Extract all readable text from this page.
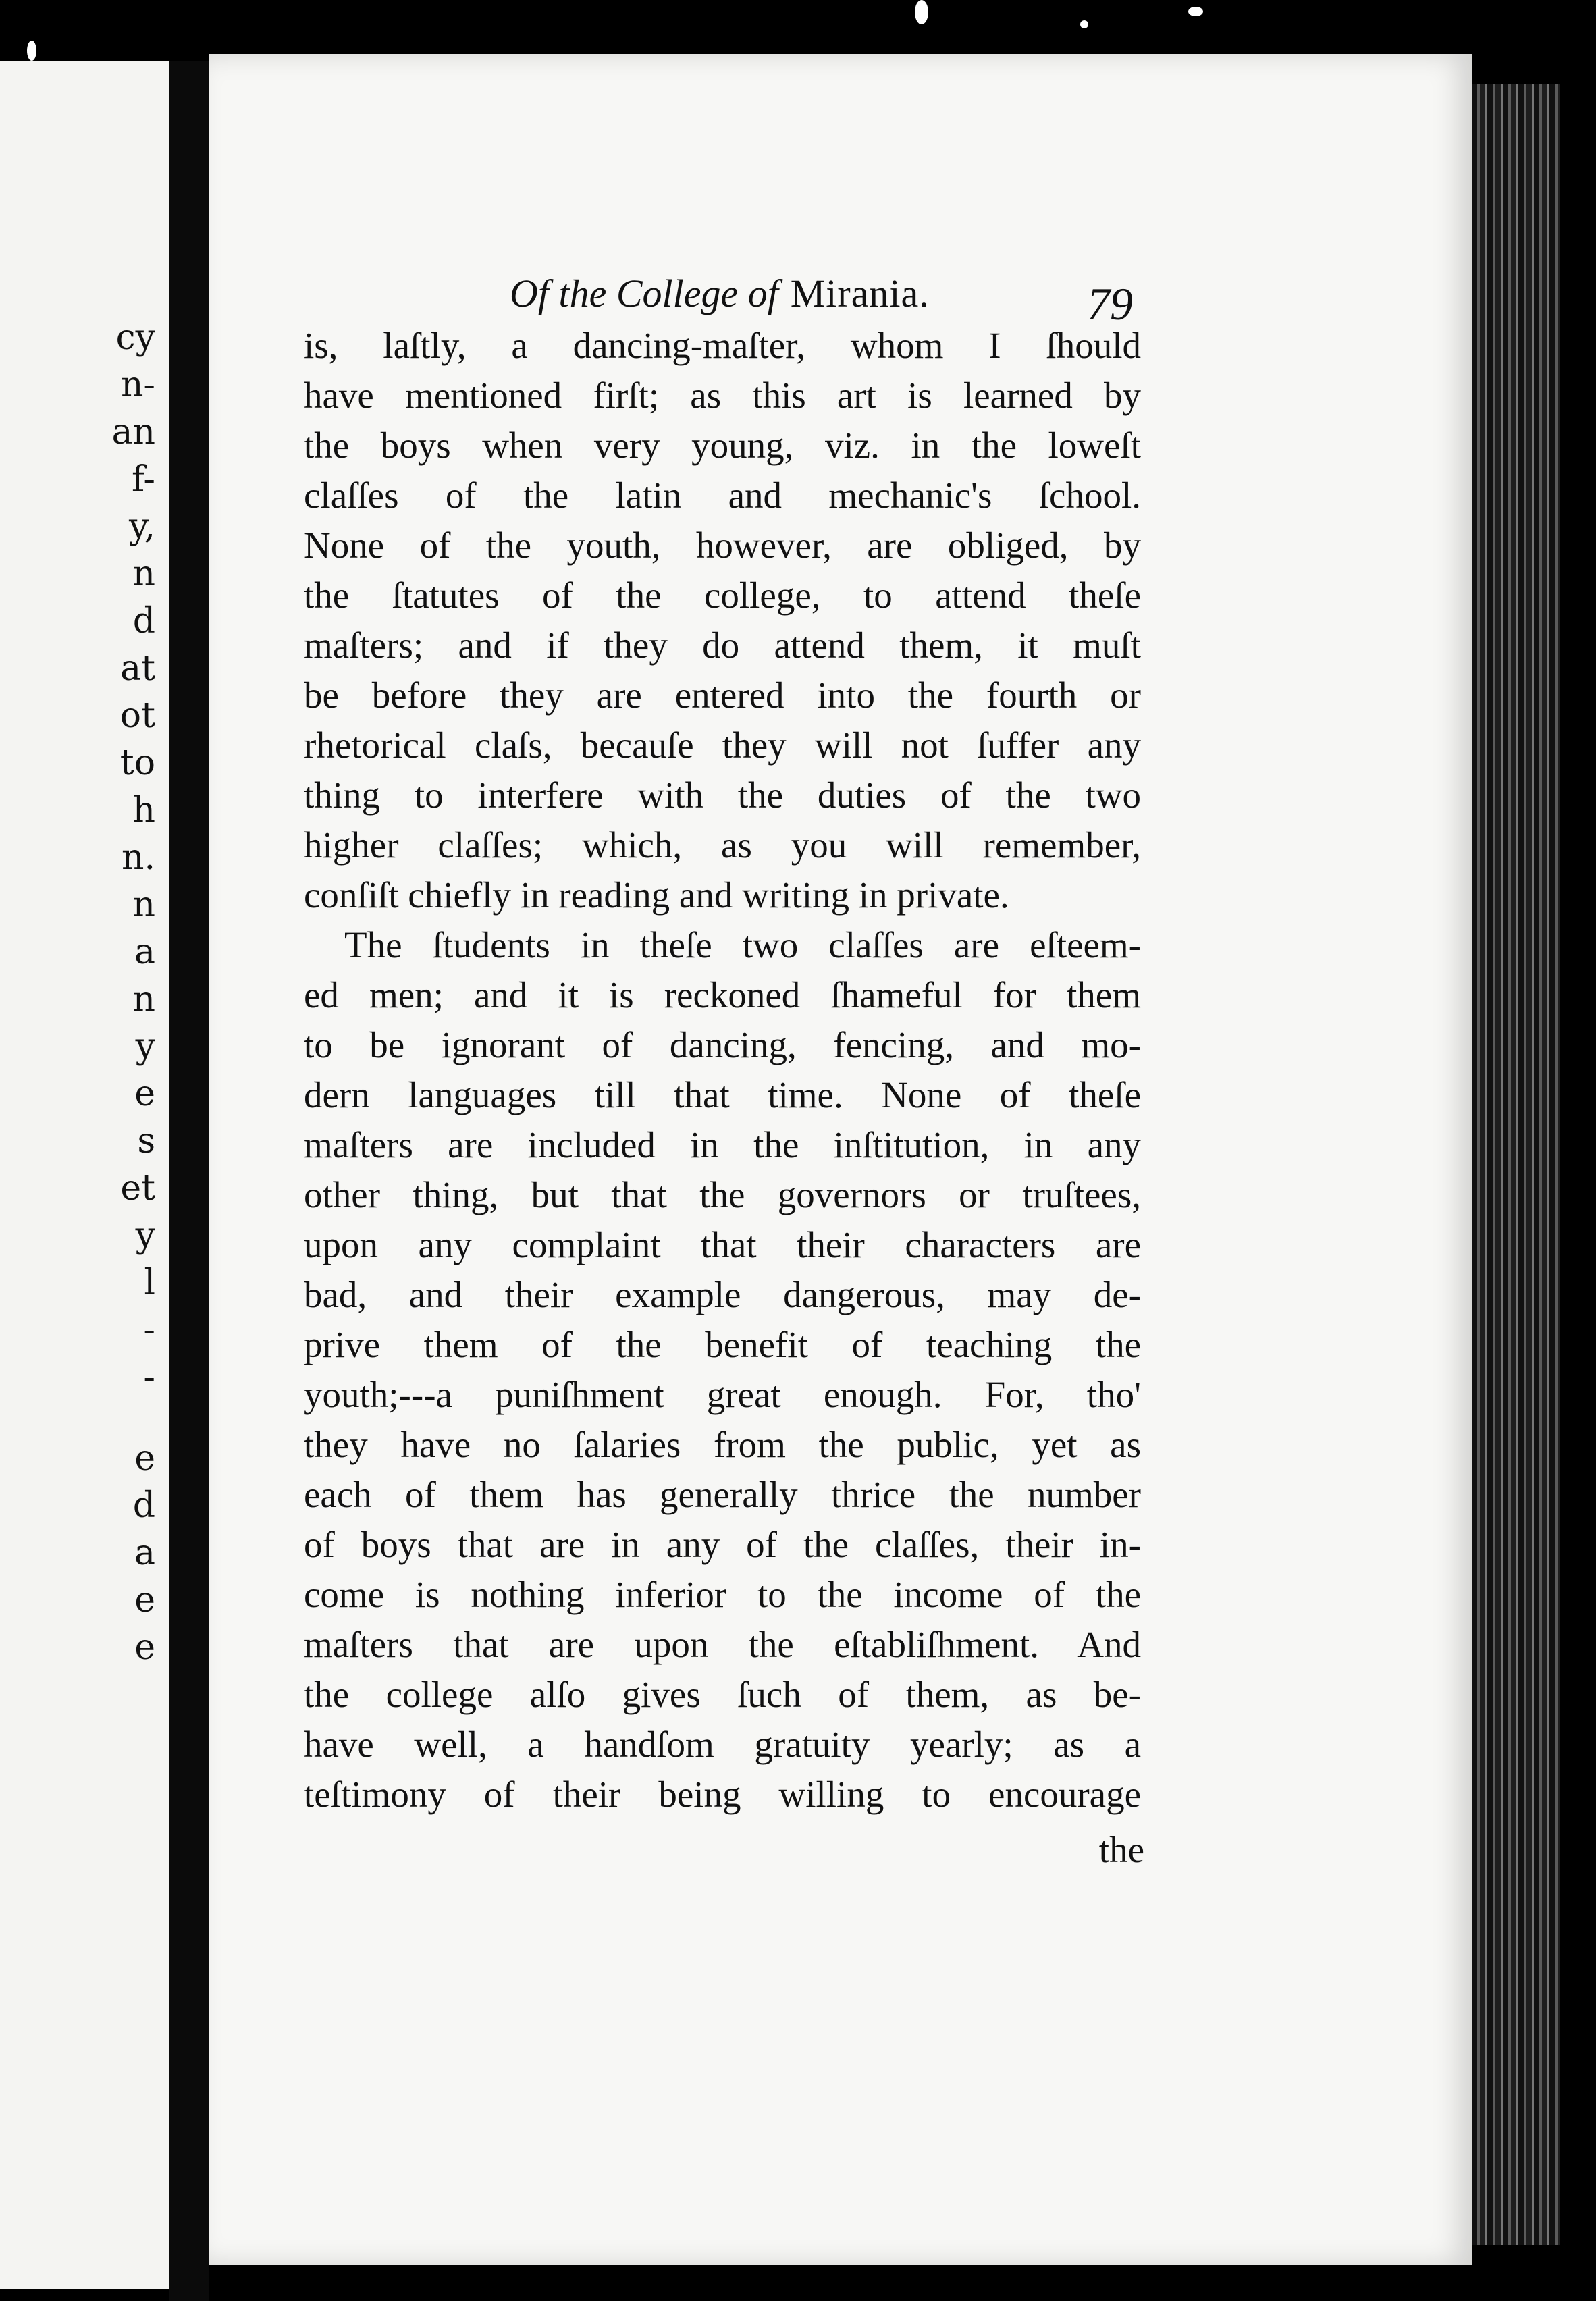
cy
n-
an
f-
y,
n
d
at
ot
to
h
n.
n
a
n
y
e
s
et
y
l
-
-
e
d
a
e
e
Of the College of Mirania.	79
is, laſtly, a dancing-maſter, whom I ſhould
have mentioned firſt; as this art is learned by
the boys when very young, viz. in the loweſt
claſſes of the latin and mechanic's ſchool.
None of the youth, however, are obliged, by
the ſtatutes of the college, to attend theſe
maſters; and if they do attend them, it muſt
be before they are entered into the fourth or
rhetorical claſs, becauſe they will not ſuffer any
thing to interfere with the duties of the two
higher claſſes; which, as you will remember,
conſiſt chiefly in reading and writing in private.
The ſtudents in theſe two claſſes are eſteem-
ed men; and it is reckoned ſhameful for them
to be ignorant of dancing, fencing, and mo-
dern languages till that time. None of theſe
maſters are included in the inſtitution, in any
other thing, but that the governors or truſtees,
upon any complaint that their characters are
bad, and their example dangerous, may de-
prive them of the benefit of teaching the
youth;---a puniſhment great enough. For, tho'
they have no ſalaries from the public, yet as
each of them has generally thrice the number
of boys that are in any of the claſſes, their in-
come is nothing inferior to the income of the
maſters that are upon the eſtabliſhment. And
the college alſo gives ſuch of them, as be-
have well, a handſom gratuity yearly; as a
teſtimony of their being willing to encourage
the
